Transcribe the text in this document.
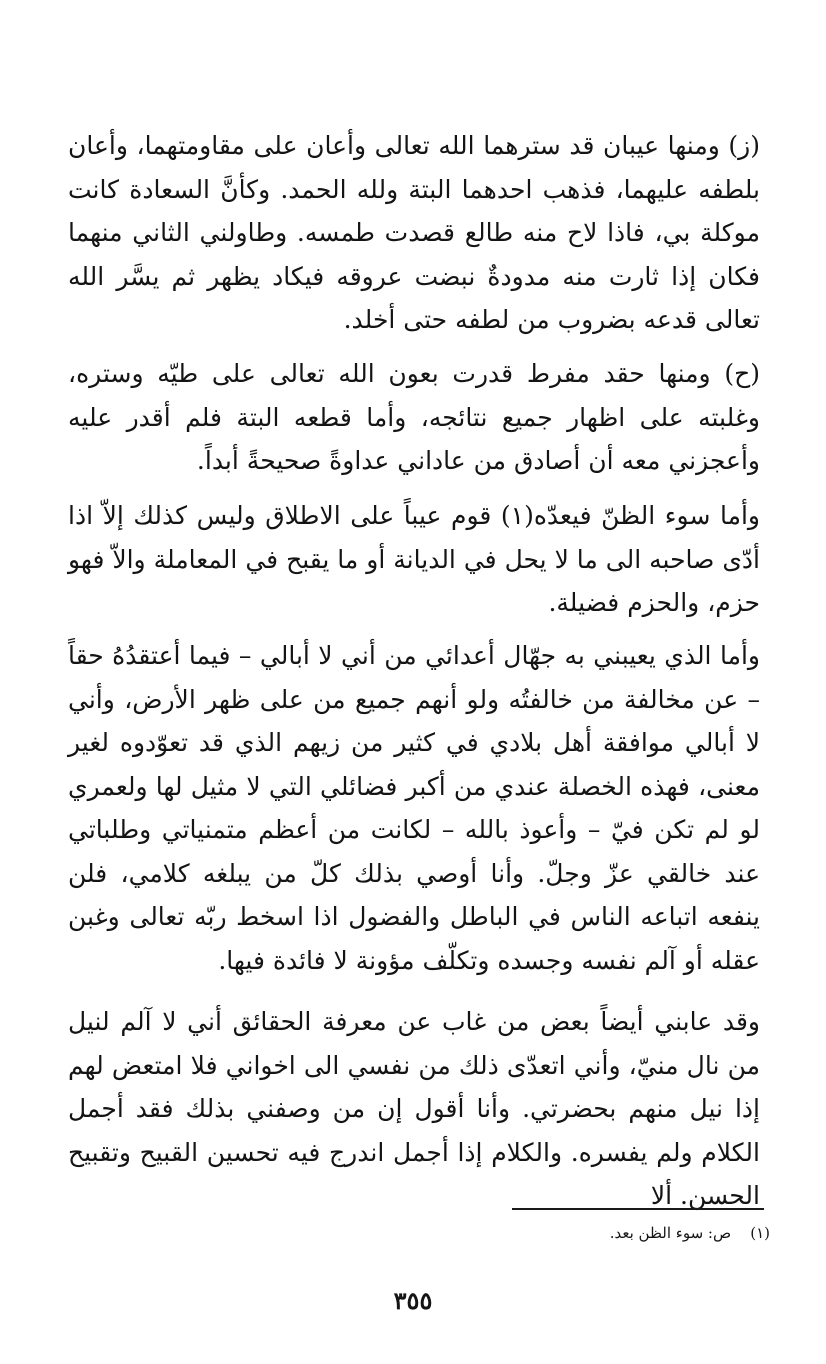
(ز) ومنها عيبان قد سترهما الله تعالى وأعان على مقاومتهما، وأعان بلطفه عليهما، فذهب احدهما البتة ولله الحمد. وكأنَّ السعادة كانت موكلة بي، فاذا لاح منه طالع قصدت طمسه. وطاولني الثاني منهما فكان إذا ثارت منه مدودةٌ نبضت عروقه فيكاد يظهر ثم يسَّر الله تعالى قدعه بضروب من لطفه حتى أخلد.

(ح) ومنها حقد مفرط قدرت بعون الله تعالى على طيّه وستره، وغلبته على اظهار جميع نتائجه، وأما قطعه البتة فلم أقدر عليه وأعجزني معه أن أصادق من عاداني عداوةً صحيحةً أبداً.

وأما سوء الظنّ فيعدّه(١) قوم عيباً على الاطلاق وليس كذلك إلاّ اذا أدّى صاحبه الى ما لا يحل في الديانة أو ما يقبح في المعاملة والاّ فهو حزم، والحزم فضيلة.

وأما الذي يعيبني به جهّال أعدائي من أني لا أبالي – فيما أعتقدُهُ حقاً – عن مخالفة من خالفتُه ولو أنهم جميع من على ظهر الأرض، وأني لا أبالي موافقة أهل بلادي في كثير من زيهم الذي قد تعوّدوه لغير معنى، فهذه الخصلة عندي من أكبر فضائلي التي لا مثيل لها ولعمري لو لم تكن فيّ – وأعوذ بالله – لكانت من أعظم متمنياتي وطلباتي عند خالقي عزّ وجلّ. وأنا أوصي بذلك كلّ من يبلغه كلامي، فلن ينفعه اتباعه الناس في الباطل والفضول اذا اسخط ربّه تعالى وغبن عقله أو آلم نفسه وجسده وتكلّف مؤونة لا فائدة فيها.

وقد عابني أيضاً بعض من غاب عن معرفة الحقائق أني لا آلم لنيل من نال منيّ، وأني اتعدّى ذلك من نفسي الى اخواني فلا امتعض لهم إذا نيل منهم بحضرتي. وأنا أقول إن من وصفني بذلك فقد أجمل الكلام ولم يفسره. والكلام إذا أجمل اندرج فيه تحسين القبيح وتقبيح الحسن. ألا

(١)    ص: سوء الظن بعد.
٣٥٥
